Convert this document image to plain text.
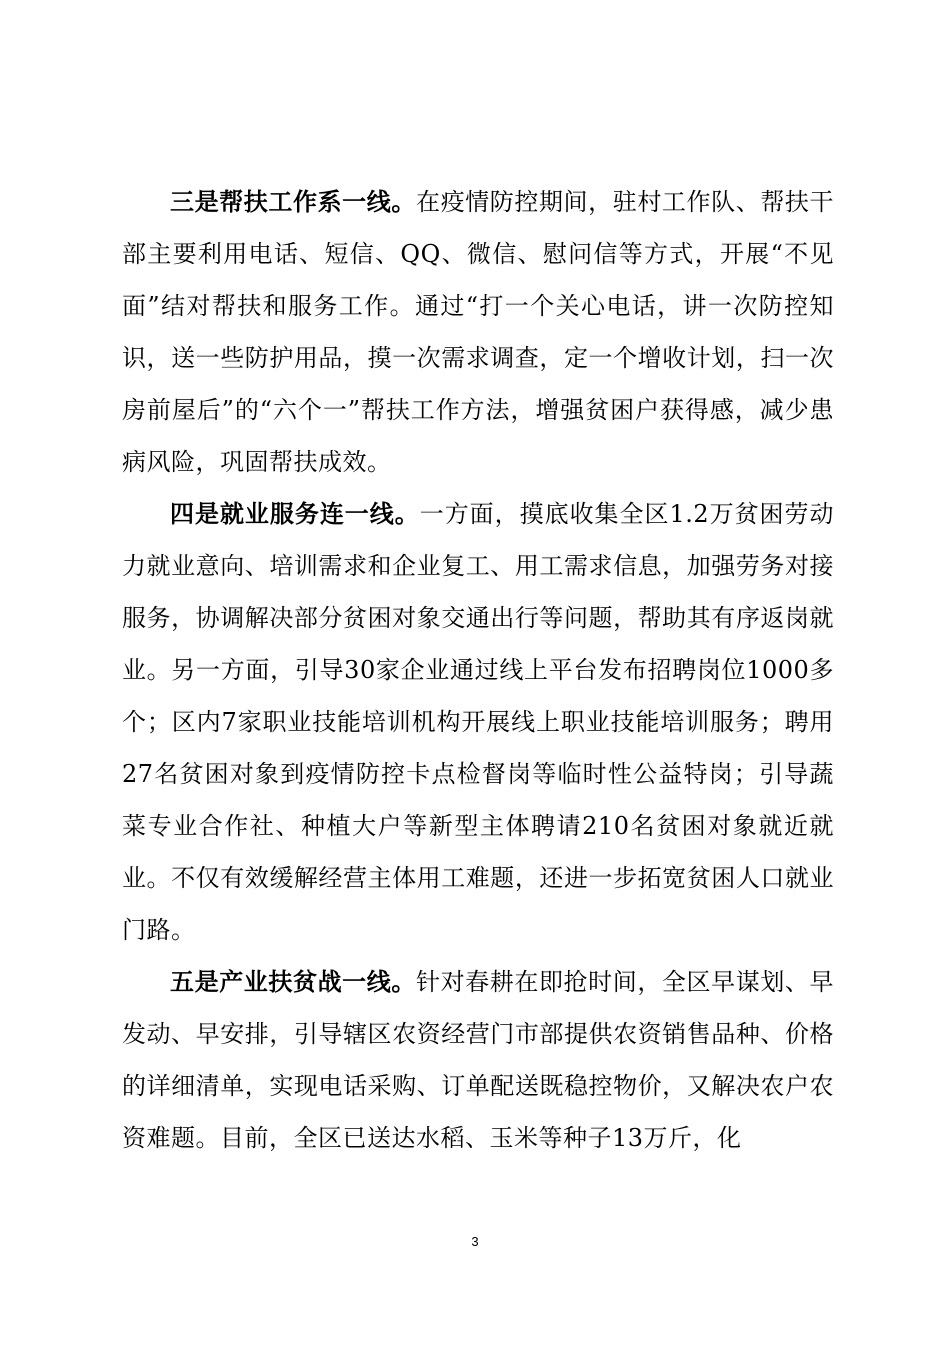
三是帮扶工作系一线。在疫情防控期间，驻村工作队、帮扶干部主要利用电话、短信、QQ、微信、慰问信等方式，开展“不见面”结对帮扶和服务工作。通过“打一个关心电话，讲一次防控知识，送一些防护用品，摸一次需求调查，定一个增收计划，扫一次房前屋后”的“六个一”帮扶工作方法，增强贫困户获得感，减少患病风险，巩固帮扶成效。

四是就业服务连一线。一方面，摸底收集全区1.2万贫困劳动力就业意向、培训需求和企业复工、用工需求信息，加强劳务对接服务，协调解决部分贫困对象交通出行等问题，帮助其有序返岗就业。另一方面，引导30家企业通过线上平台发布招聘岗位1000多个；区内7家职业技能培训机构开展线上职业技能培训服务；聘用27名贫困对象到疫情防控卡点检督岗等临时性公益特岗；引导蔬菜专业合作社、种植大户等新型主体聘请210名贫困对象就近就业。不仅有效缓解经营主体用工难题，还进一步拓宽贫困人口就业门路。

五是产业扶贫战一线。针对春耕在即抢时间，全区早谋划、早发动、早安排，引导辖区农资经营门市部提供农资销售品种、价格的详细清单，实现电话采购、订单配送既稳控物价，又解决农户农资难题。目前，全区已送达水稻、玉米等种子13万斤，化

3
